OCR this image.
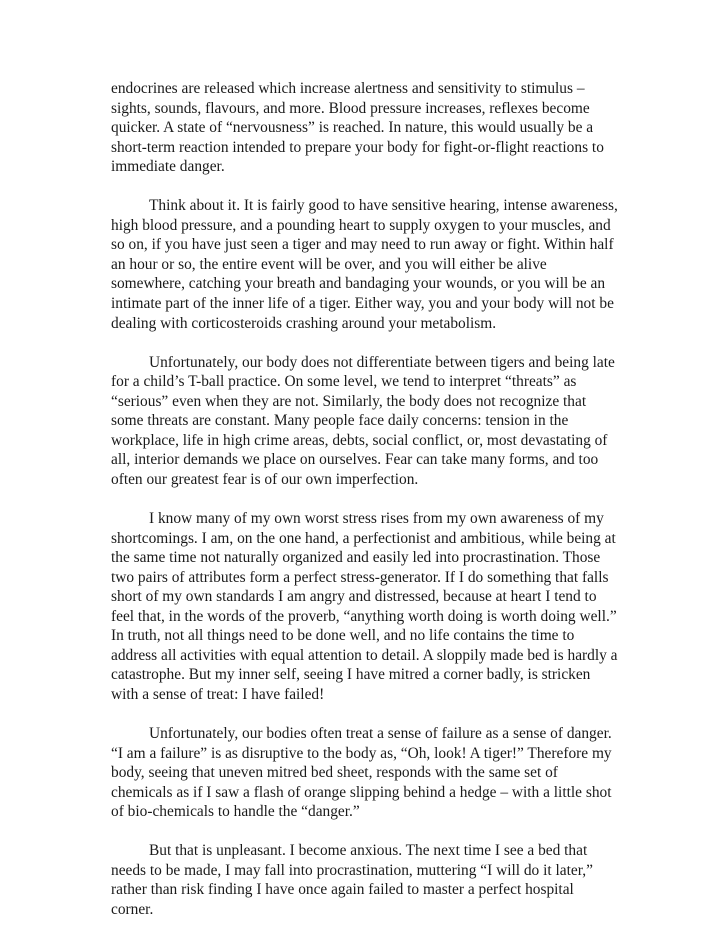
endocrines are released which increase alertness and sensitivity to stimulus – sights, sounds, flavours, and more. Blood pressure increases, reflexes become quicker. A state of “nervousness” is reached. In nature, this would usually be a short-term reaction intended to prepare your body for fight-or-flight reactions to immediate danger.

Think about it. It is fairly good to have sensitive hearing, intense awareness, high blood pressure, and a pounding heart to supply oxygen to your muscles, and so on, if you have just seen a tiger and may need to run away or fight. Within half an hour or so, the entire event will be over, and you will either be alive somewhere, catching your breath and bandaging your wounds, or you will be an intimate part of the inner life of a tiger. Either way, you and your body will not be dealing with corticosteroids crashing around your metabolism.

Unfortunately, our body does not differentiate between tigers and being late for a child’s T-ball practice. On some level, we tend to interpret “threats” as “serious” even when they are not. Similarly, the body does not recognize that some threats are constant. Many people face daily concerns: tension in the workplace, life in high crime areas, debts, social conflict, or, most devastating of all, interior demands we place on ourselves. Fear can take many forms, and too often our greatest fear is of our own imperfection.

I know many of my own worst stress rises from my own awareness of my shortcomings. I am, on the one hand, a perfectionist and ambitious, while being at the same time not naturally organized and easily led into procrastination. Those two pairs of attributes form a perfect stress-generator. If I do something that falls short of my own standards I am angry and distressed, because at heart I tend to feel that, in the words of the proverb, “anything worth doing is worth doing well.” In truth, not all things need to be done well, and no life contains the time to address all activities with equal attention to detail. A sloppily made bed is hardly a catastrophe. But my inner self, seeing I have mitred a corner badly, is stricken with a sense of treat: I have failed!

Unfortunately, our bodies often treat a sense of failure as a sense of danger. “I am a failure” is as disruptive to the body as, “Oh, look! A tiger!” Therefore my body, seeing that uneven mitred bed sheet, responds with the same set of chemicals as if I saw a flash of orange slipping behind a hedge – with a little shot of bio-chemicals to handle the “danger.”

But that is unpleasant. I become anxious. The next time I see a bed that needs to be made, I may fall into procrastination, muttering “I will do it later,” rather than risk finding I have once again failed to master a perfect hospital corner.
